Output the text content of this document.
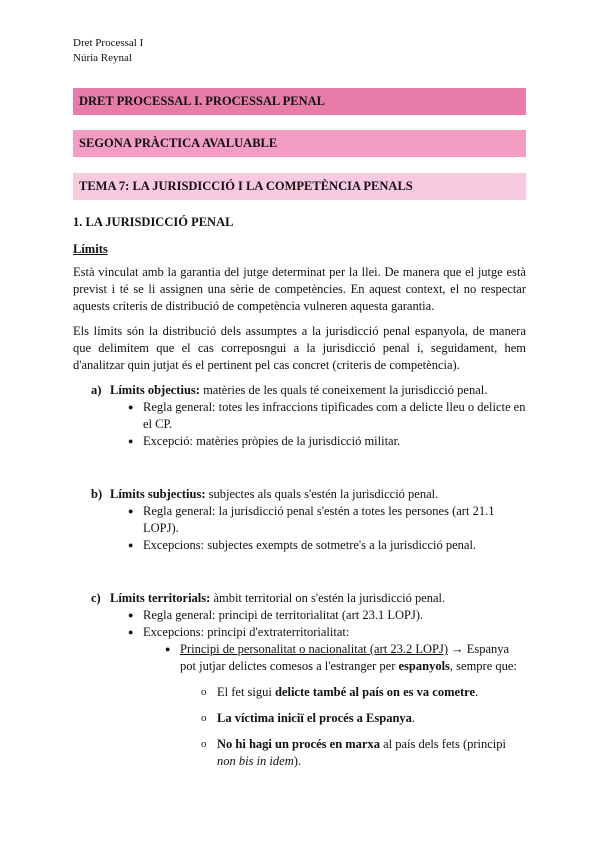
Dret Processal I
Núria Reynal
DRET PROCESSAL I. PROCESSAL PENAL
SEGONA PRÀCTICA AVALUABLE
TEMA 7: LA JURISDICCIÓ I LA COMPETÈNCIA PENALS
1. LA JURISDICCIÓ PENAL
Límits

Està vinculat amb la garantia del jutge determinat per la llei. De manera que el jutge està previst i té se li assignen una sèrie de competències. En aquest context, el no respectar aquests criteris de distribució de competència vulneren aquesta garantia.

Els límits són la distribució dels assumptes a la jurisdicció penal espanyola, de manera que delimitem que el cas correposngui a la jurisdicció penal i, seguidament, hem d'analitzar quin jutjat és el pertinent pel cas concret (criteris de competència).

a) Límits objectius: matèries de les quals té coneixement la jurisdicció penal.
● Regla general: totes les infraccions tipificades com a delicte lleu o delicte en el CP.
● Excepció: matèries pròpies de la jurisdicció militar.
b) Límits subjectius: subjectes als quals s'estén la jurisdicció penal.
● Regla general: la jurisdicció penal s'estén a totes les persones (art 21.1 LOPJ).
● Excepcions: subjectes exempts de sotmetre's a la jurisdicció penal.
c) Límits territorials: àmbit territorial on s'estén la jurisdicció penal.
● Regla general: principi de territorialitat (art 23.1 LOPJ).
● Excepcions: principi d'extraterritorialitat:
● Principi de personalitat o nacionalitat (art 23.2 LOPJ) → Espanya pot jutjar delictes comesos a l'estranger per espanyols, sempre que:
o El fet sigui delicte també al país on es va cometre.
o La víctima iniciï el procés a Espanya.
o No hi hagi un procés en marxa al país dels fets (principi non bis in idem).
